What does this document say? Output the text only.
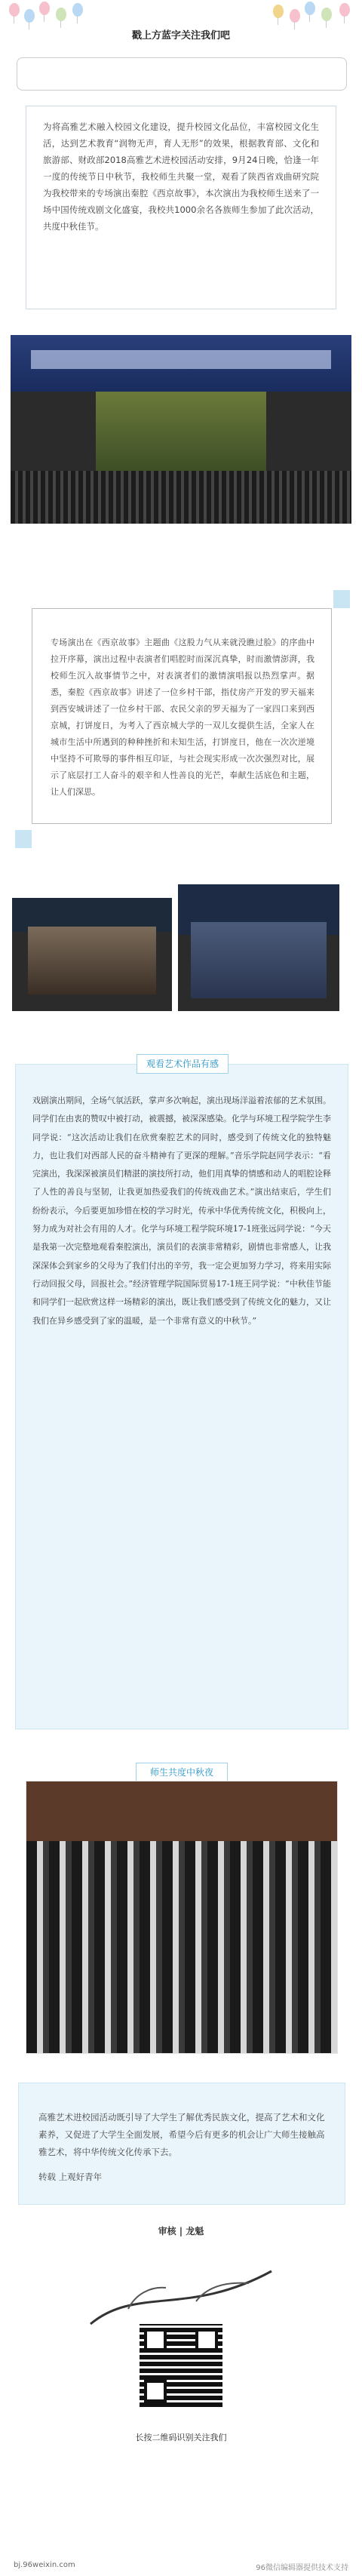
戳上方蓝字关注我们吧
为将高雅艺术融入校园文化建设，提升校园文化品位，丰富校园文化生活，达到艺术教育“润物无声，育人无形”的效果，根据教育部、文化和旅游部、财政部2018高雅艺术进校园活动安排，9月24日晚，恰逢一年一度的传统节日中秋节，我校师生共聚一堂，观看了陕西省戏曲研究院为我校带来的专场演出秦腔《西京故事》，本次演出为我校师生送来了一场中国传统戏剧文化盛宴，我校共1000余名各族师生参加了此次活动，共度中秋佳节。
专场演出在《西京故事》主题曲《这股力气从来就没瞧过脸》的序曲中拉开序幕，演出过程中表演者们唱腔时而深沉真挚，时而激情澎湃，我校师生沉入故事情节之中，对表演者们的激情演唱报以热烈掌声。据悉，秦腔《西京故事》讲述了一位乡村干部，指仗房产开发的罗天福来到西安城讲述了一位乡村干部、农民父亲的罗天福为了一家四口来到西京城，打饼度日，为考入了西京城大学的一双儿女提供生活，全家人在城市生活中所遇到的种种挫折和未知生活，打饼度日，他在一次次逆境中坚持不可欺辱的事件相互印证，与社会现实形成一次次强烈对比，展示了底层打工人奋斗的艰辛和人性善良的光芒，奉献生活底色和主题，让人们深思。
观看艺术作品有感
戏剧演出期间，全场气氛活跃，掌声多次响起，演出现场洋溢着浓郁的艺术氛围。同学们在由衷的赞叹中被打动，被震撼，被深深感染。化学与环境工程学院学生李同学说：“这次活动让我们在欣赏秦腔艺术的同时，感受到了传统文化的独特魅力，也让我们对西部人民的奋斗精神有了更深的理解。”音乐学院赵同学表示：“看完演出，我深深被演员们精湛的演技所打动，他们用真挚的情感和动人的唱腔诠释了人性的善良与坚韧，让我更加热爱我们的传统戏曲艺术。”演出结束后，学生们纷纷表示，今后要更加珍惜在校的学习时光，传承中华优秀传统文化，积极向上，努力成为对社会有用的人才。化学与环境工程学院环境17-1班张远同学说：“今天是我第一次完整地观看秦腔演出，演员们的表演非常精彩，剧情也非常感人，让我深深体会到家乡的父母为了我们付出的辛劳，我一定会更加努力学习，将来用实际行动回报父母，回报社会。”经济管理学院国际贸易17-1班王同学说：“中秋佳节能和同学们一起欣赏这样一场精彩的演出，既让我们感受到了传统文化的魅力，又让我们在异乡感受到了家的温暖，是一个非常有意义的中秋节。”
师生共度中秋夜
高雅艺术进校园活动既引导了大学生了解优秀民族文化，提高了艺术和文化素养，又促进了大学生全面发展，希望今后有更多的机会让广大师生接触高雅艺术，将中华传统文化传承下去。
转载 上观好青年
审核 | 龙魁
长按二维码识别关注我们
bj.96weixin.com	96微信编辑器提供技术支持
